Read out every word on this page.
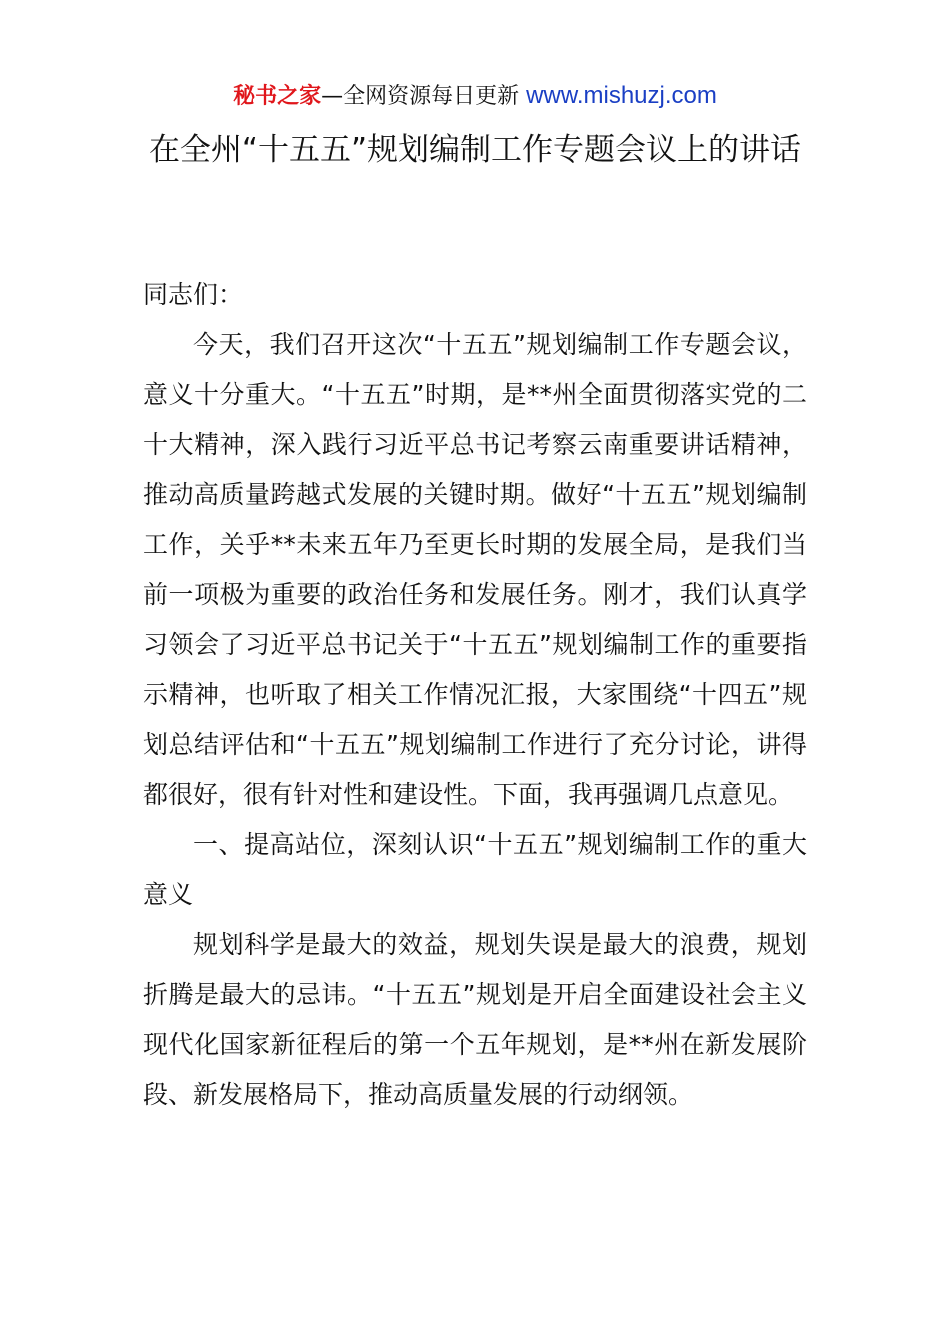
秘书之家—全网资源每日更新 www.mishuzj.com
在全州“十五五”规划编制工作专题会议上的讲话

同志们：

今天，我们召开这次“十五五”规划编制工作专题会议，意义十分重大。“十五五”时期，是**州全面贯彻落实党的二十大精神，深入践行习近平总书记考察云南重要讲话精神，推动高质量跨越式发展的关键时期。做好“十五五”规划编制工作，关乎**未来五年乃至更长时期的发展全局，是我们当前一项极为重要的政治任务和发展任务。刚才，我们认真学习领会了习近平总书记关于“十五五”规划编制工作的重要指示精神，也听取了相关工作情况汇报，大家围绕“十四五”规划总结评估和“十五五”规划编制工作进行了充分讨论，讲得都很好，很有针对性和建设性。下面，我再强调几点意见。

一、提高站位，深刻认识“十五五”规划编制工作的重大意义

规划科学是最大的效益，规划失误是最大的浪费，规划折腾是最大的忌讳。“十五五”规划是开启全面建设社会主义现代化国家新征程后的第一个五年规划，是**州在新发展阶段、新发展格局下，推动高质量发展的行动纲领。
